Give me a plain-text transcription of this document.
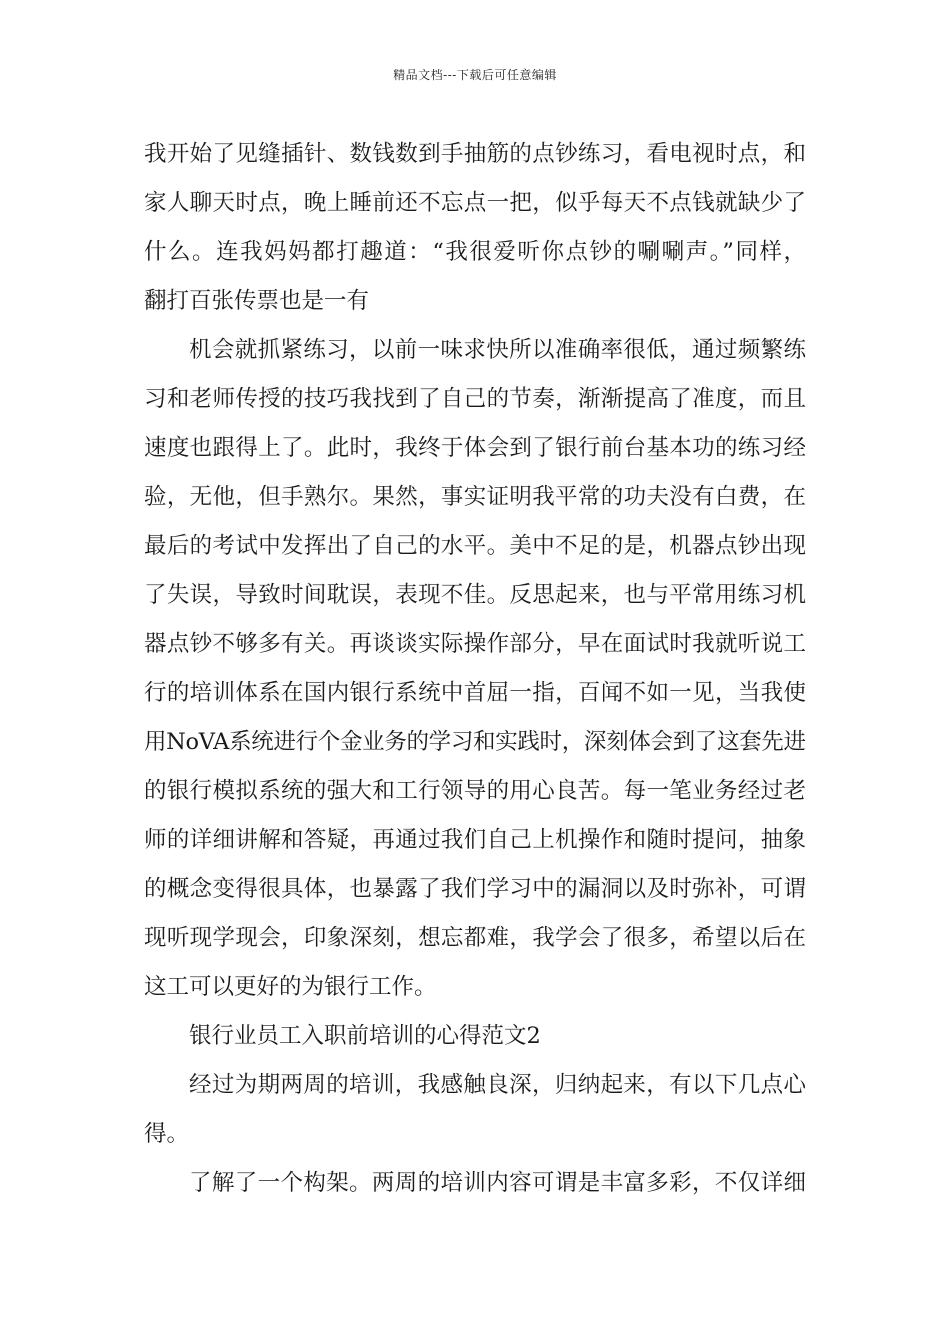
精品文档---下载后可任意编辑
我开始了见缝插针、数钱数到手抽筋的点钞练习，看电视时点，和
家人聊天时点，晚上睡前还不忘点一把，似乎每天不点钱就缺少了
什么。连我妈妈都打趣道：“我很爱听你点钞的唰唰声。”同样，
翻打百张传票也是一有
机会就抓紧练习，以前一味求快所以准确率很低，通过频繁练
习和老师传授的技巧我找到了自己的节奏，渐渐提高了准度，而且
速度也跟得上了。此时，我终于体会到了银行前台基本功的练习经
验，无他，但手熟尔。果然，事实证明我平常的功夫没有白费，在
最后的考试中发挥出了自己的水平。美中不足的是，机器点钞出现
了失误，导致时间耽误，表现不佳。反思起来，也与平常用练习机
器点钞不够多有关。再谈谈实际操作部分，早在面试时我就听说工
行的培训体系在国内银行系统中首屈一指，百闻不如一见，当我使
用NoVA系统进行个金业务的学习和实践时，深刻体会到了这套先进
的银行模拟系统的强大和工行领导的用心良苦。每一笔业务经过老
师的详细讲解和答疑，再通过我们自己上机操作和随时提问，抽象
的概念变得很具体，也暴露了我们学习中的漏洞以及时弥补，可谓
现听现学现会，印象深刻，想忘都难，我学会了很多，希望以后在
这工可以更好的为银行工作。
银行业员工入职前培训的心得范文2
经过为期两周的培训，我感触良深，归纳起来，有以下几点心
得。
了解了一个构架。两周的培训内容可谓是丰富多彩，不仅详细
